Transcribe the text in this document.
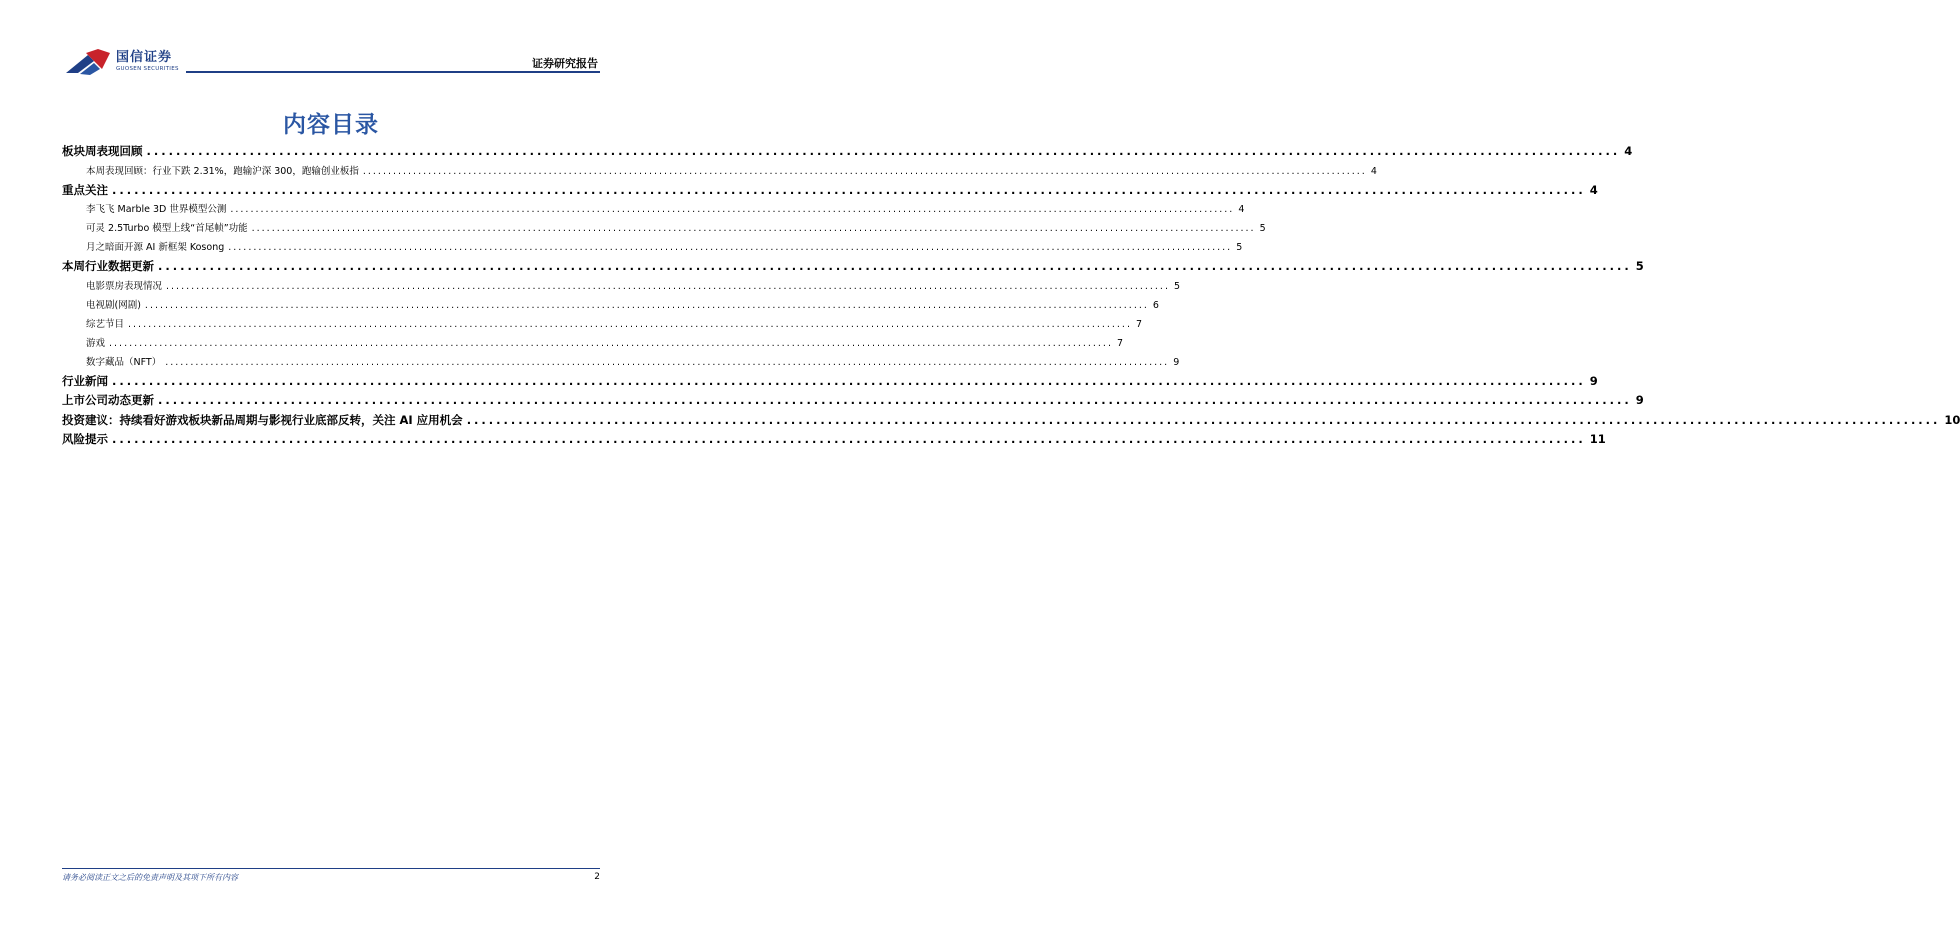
国信证券
GUOSEN SECURITIES	证券研究报告
内容目录
板块周表现回顾 ........................................................................................................................................................................................................ 4
本周表现回顾：行业下跌 2.31%，跑输沪深 300，跑输创业板指 ........................................................................................................................................................................................................ 4
重点关注 ........................................................................................................................................................................................................ 4
李飞飞 Marble 3D 世界模型公测 ........................................................................................................................................................................................................ 4
可灵 2.5Turbo 模型上线“首尾帧”功能 ........................................................................................................................................................................................................ 5
月之暗面开源 AI 新框架 Kosong ........................................................................................................................................................................................................ 5
本周行业数据更新 ........................................................................................................................................................................................................ 5
电影票房表现情况 ........................................................................................................................................................................................................ 5
电视剧(网剧) ........................................................................................................................................................................................................ 6
综艺节目 ........................................................................................................................................................................................................ 7
游戏 ........................................................................................................................................................................................................ 7
数字藏品（NFT） ........................................................................................................................................................................................................ 9
行业新闻 ........................................................................................................................................................................................................ 9
上市公司动态更新 ........................................................................................................................................................................................................ 9
投资建议：持续看好游戏板块新品周期与影视行业底部反转，关注 AI 应用机会 ........................................................................................................................................................................................................ 10
风险提示 ........................................................................................................................................................................................................ 11
请务必阅读正文之后的免责声明及其项下所有内容	2
